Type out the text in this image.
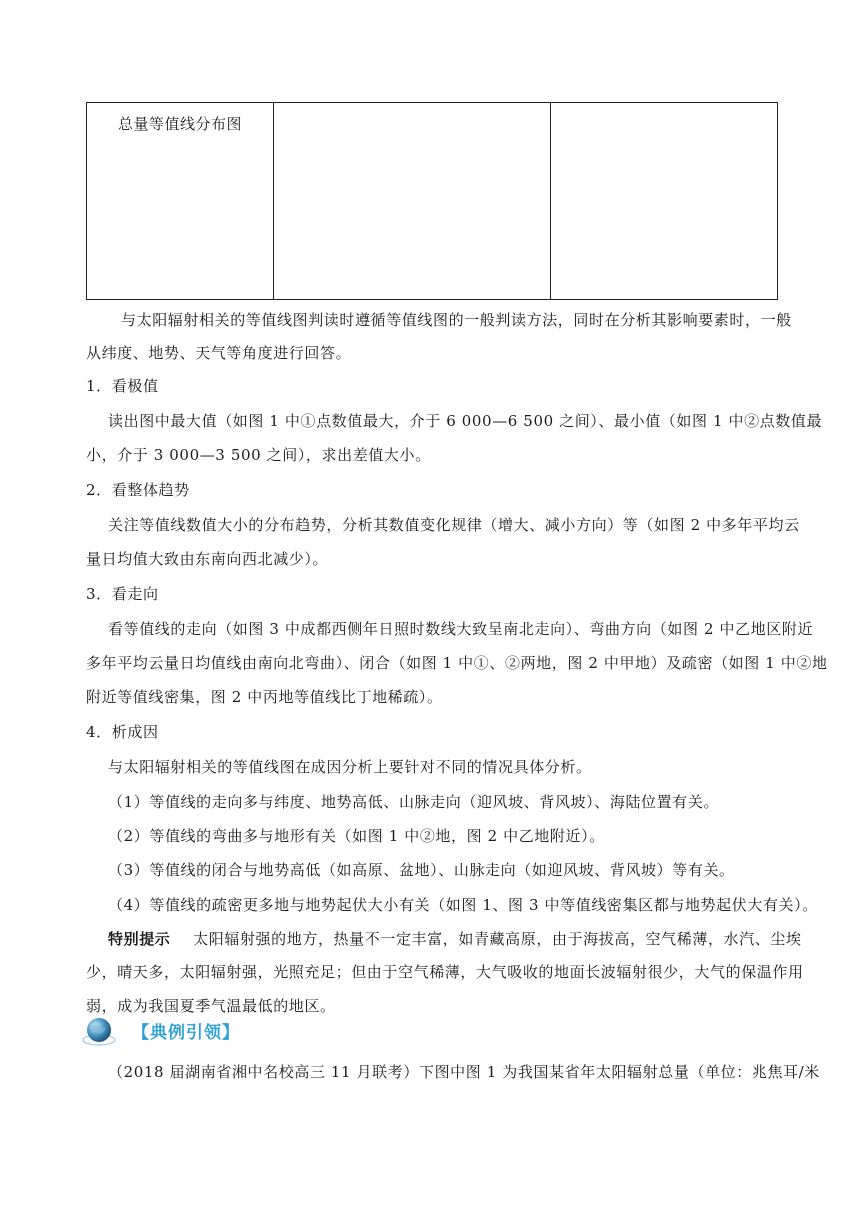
总量等值线分布图

与太阳辐射相关的等值线图判读时遵循等值线图的一般判读方法，同时在分析其影响要素时，一般
从纬度、地势、天气等角度进行回答。
1．看极值
读出图中最大值（如图 1 中①点数值最大，介于 6 000—6 500 之间）、最小值（如图 1 中②点数值最
小，介于 3 000—3 500 之间），求出差值大小。
2．看整体趋势
关注等值线数值大小的分布趋势，分析其数值变化规律（增大、减小方向）等（如图 2 中多年平均云
量日均值大致由东南向西北减少）。
3．看走向
看等值线的走向（如图 3 中成都西侧年日照时数线大致呈南北走向）、弯曲方向（如图 2 中乙地区附近
多年平均云量日均值线由南向北弯曲）、闭合（如图 1 中①、②两地，图 2 中甲地）及疏密（如图 1 中②地
附近等值线密集，图 2 中丙地等值线比丁地稀疏）。
4．析成因
与太阳辐射相关的等值线图在成因分析上要针对不同的情况具体分析。
（1）等值线的走向多与纬度、地势高低、山脉走向（迎风坡、背风坡）、海陆位置有关。
（2）等值线的弯曲多与地形有关（如图 1 中②地，图 2 中乙地附近）。
（3）等值线的闭合与地势高低（如高原、盆地）、山脉走向（如迎风坡、背风坡）等有关。
（4）等值线的疏密更多地与地势起伏大小有关（如图 1、图 3 中等值线密集区都与地势起伏大有关）。
特别提示 太阳辐射强的地方，热量不一定丰富，如青藏高原，由于海拔高，空气稀薄，水汽、尘埃
少，晴天多，太阳辐射强，光照充足；但由于空气稀薄，大气吸收的地面长波辐射很少，大气的保温作用
弱，成为我国夏季气温最低的地区。
【典例引领】
（2018 届湖南省湘中名校高三 11 月联考）下图中图 1 为我国某省年太阳辐射总量（单位：兆焦耳/米
